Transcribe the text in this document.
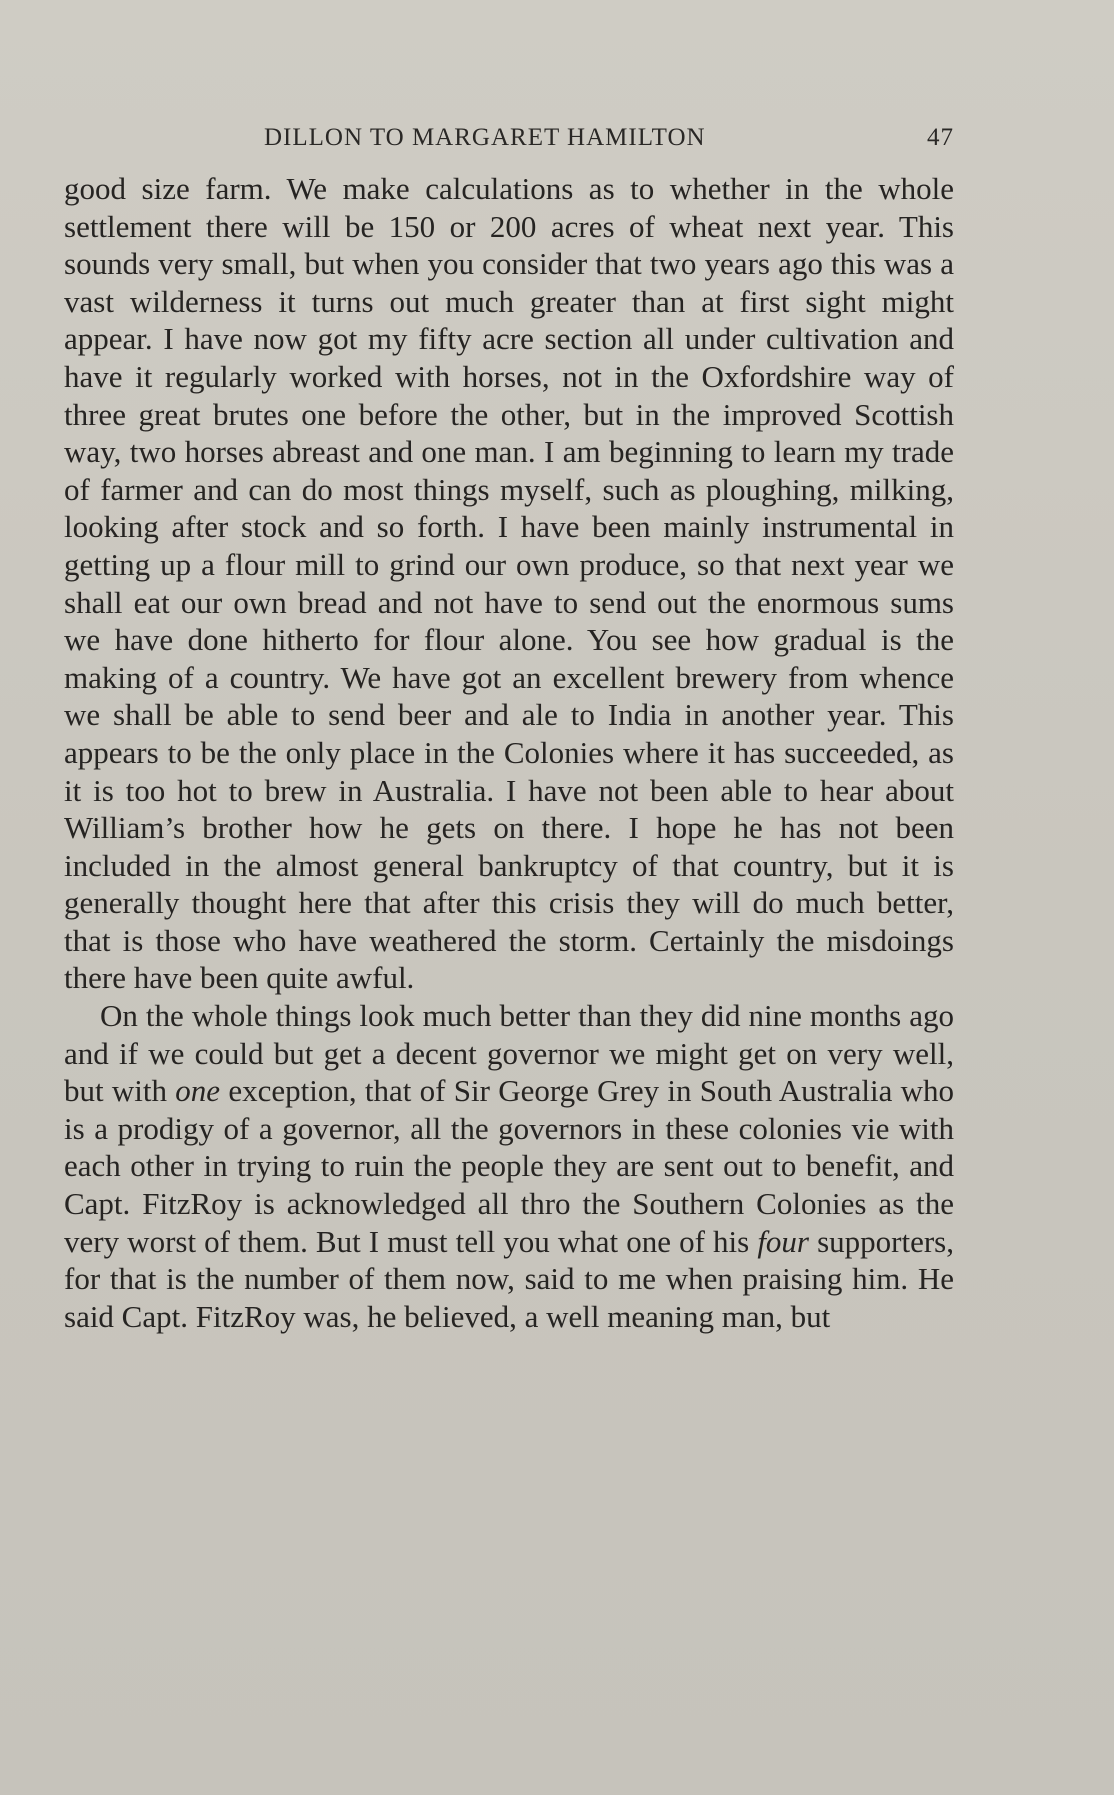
DILLON TO MARGARET HAMILTON	47

good size farm. We make calculations as to whether in the whole settlement there will be 150 or 200 acres of wheat next year. This sounds very small, but when you consider that two years ago this was a vast wilderness it turns out much greater than at first sight might appear. I have now got my fifty acre section all under cultivation and have it regularly worked with horses, not in the Oxfordshire way of three great brutes one before the other, but in the improved Scottish way, two horses abreast and one man. I am beginning to learn my trade of farmer and can do most things myself, such as ploughing, milking, looking after stock and so forth. I have been mainly instrumental in getting up a flour mill to grind our own produce, so that next year we shall eat our own bread and not have to send out the enormous sums we have done hitherto for flour alone. You see how gradual is the making of a country. We have got an excellent brewery from whence we shall be able to send beer and ale to India in another year. This appears to be the only place in the Colonies where it has succeeded, as it is too hot to brew in Australia. I have not been able to hear about William’s brother how he gets on there. I hope he has not been included in the almost general bankruptcy of that country, but it is generally thought here that after this crisis they will do much better, that is those who have weathered the storm. Certainly the misdoings there have been quite awful.

On the whole things look much better than they did nine months ago and if we could but get a decent governor we might get on very well, but with one exception, that of Sir George Grey in South Australia who is a prodigy of a governor, all the governors in these colonies vie with each other in trying to ruin the people they are sent out to benefit, and Capt. FitzRoy is acknowledged all thro the Southern Colonies as the very worst of them. But I must tell you what one of his four supporters, for that is the number of them now, said to me when praising him. He said Capt. FitzRoy was, he believed, a well meaning man, but
